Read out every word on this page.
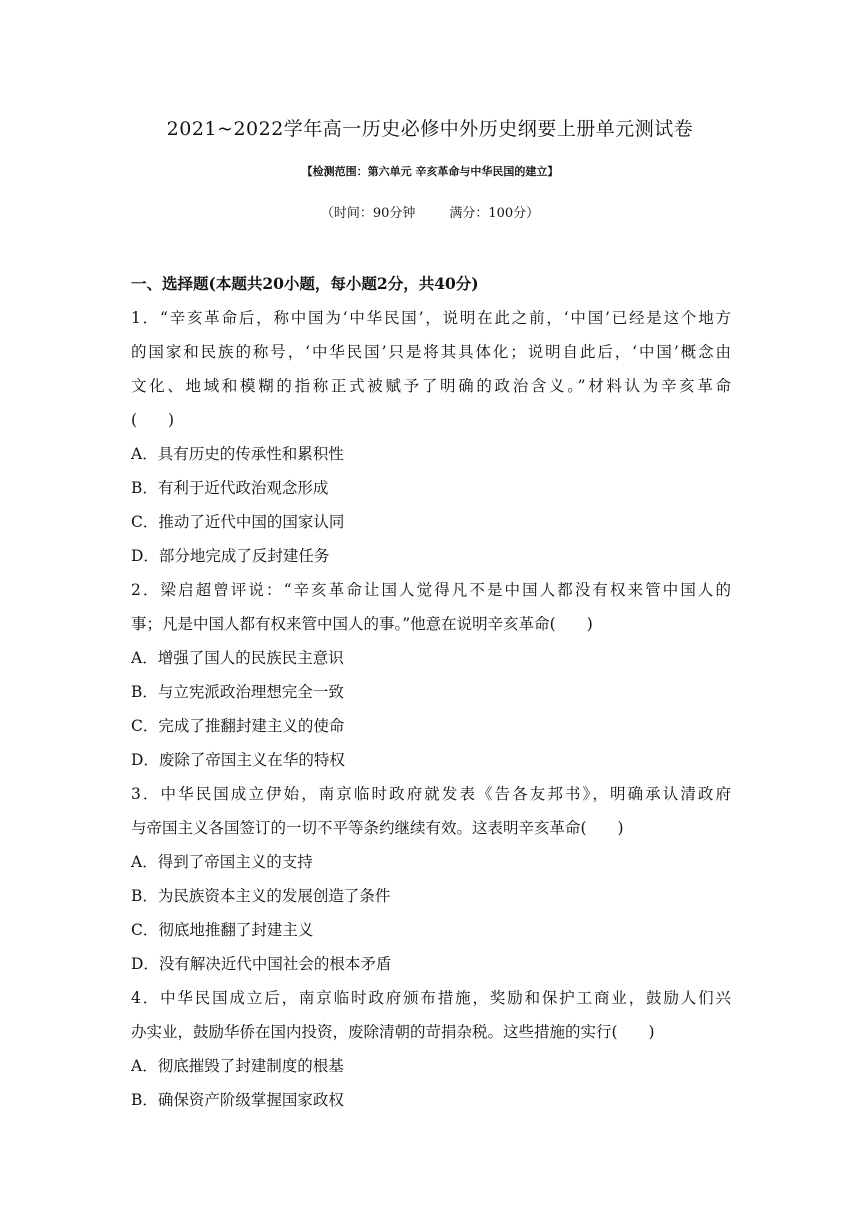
2021~2022学年高一历史必修中外历史纲要上册单元测试卷
【检测范围：第六单元 辛亥革命与中华民国的建立】
（时间：90分钟	满分：100分）
一、选择题(本题共20小题，每小题2分，共40分)
1．“辛亥革命后，称中国为‘中华民国’，说明在此之前，‘中国’已经是这个地方
的国家和民族的称号，‘中华民国’只是将其具体化；说明自此后，‘中国’概念由
文化、地域和模糊的指称正式被赋予了明确的政治含义。”材料认为辛亥革命
(　　)
A．具有历史的传承性和累积性
B．有利于近代政治观念形成
C．推动了近代中国的国家认同
D．部分地完成了反封建任务
2．梁启超曾评说：“辛亥革命让国人觉得凡不是中国人都没有权来管中国人的
事；凡是中国人都有权来管中国人的事。”他意在说明辛亥革命(　　)
A．增强了国人的民族民主意识
B．与立宪派政治理想完全一致
C．完成了推翻封建主义的使命
D．废除了帝国主义在华的特权
3．中华民国成立伊始，南京临时政府就发表《告各友邦书》，明确承认清政府
与帝国主义各国签订的一切不平等条约继续有效。这表明辛亥革命(　　)
A．得到了帝国主义的支持
B．为民族资本主义的发展创造了条件
C．彻底地推翻了封建主义
D．没有解决近代中国社会的根本矛盾
4．中华民国成立后，南京临时政府颁布措施，奖励和保护工商业，鼓励人们兴
办实业，鼓励华侨在国内投资，废除清朝的苛捐杂税。这些措施的实行(　　)
A．彻底摧毁了封建制度的根基
B．确保资产阶级掌握国家政权
